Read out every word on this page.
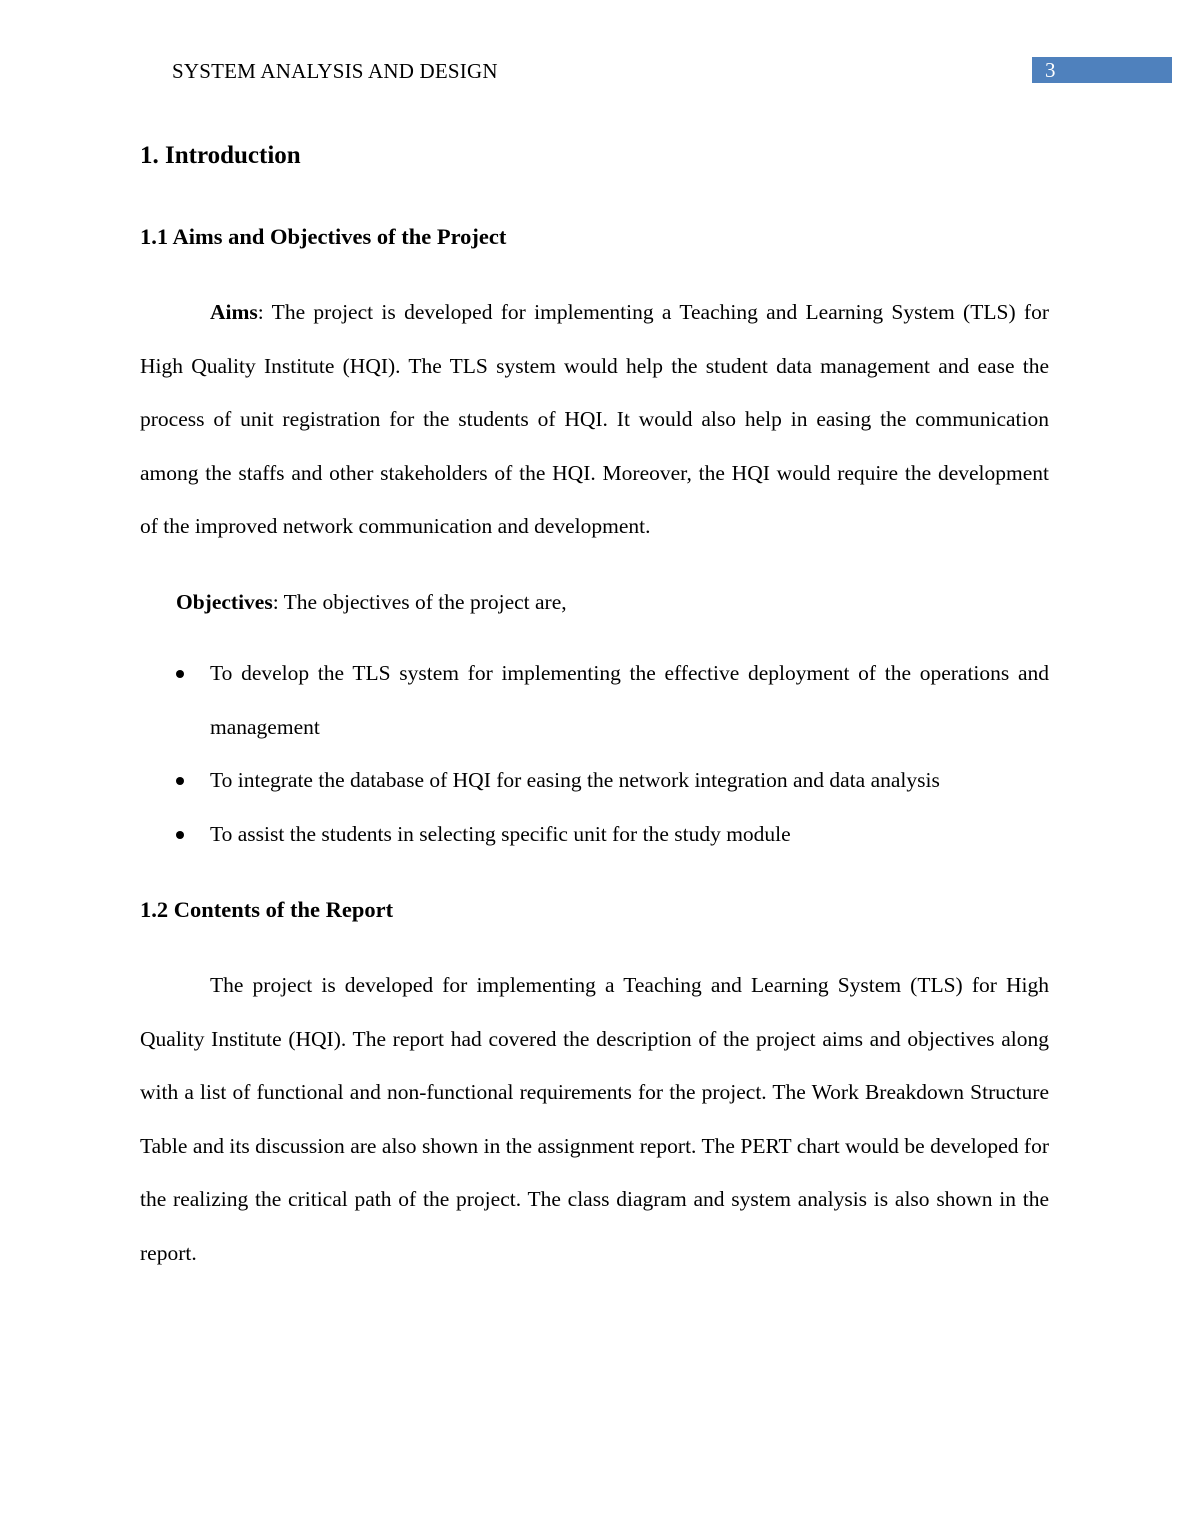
SYSTEM ANALYSIS AND DESIGN	3
1. Introduction
1.1 Aims and Objectives of the Project

Aims: The project is developed for implementing a Teaching and Learning System (TLS) for High Quality Institute (HQI). The TLS system would help the student data management and ease the process of unit registration for the students of HQI. It would also help in easing the communication among the staffs and other stakeholders of the HQI. Moreover, the HQI would require the development of the improved network communication and development.

Objectives: The objectives of the project are,
To develop the TLS system for implementing the effective deployment of the operations and management
To integrate the database of HQI for easing the network integration and data analysis
To assist the students in selecting specific unit for the study module
1.2 Contents of the Report

The project is developed for implementing a Teaching and Learning System (TLS) for High Quality Institute (HQI). The report had covered the description of the project aims and objectives along with a list of functional and non-functional requirements for the project. The Work Breakdown Structure Table and its discussion are also shown in the assignment report. The PERT chart would be developed for the realizing the critical path of the project. The class diagram and system analysis is also shown in the report.
